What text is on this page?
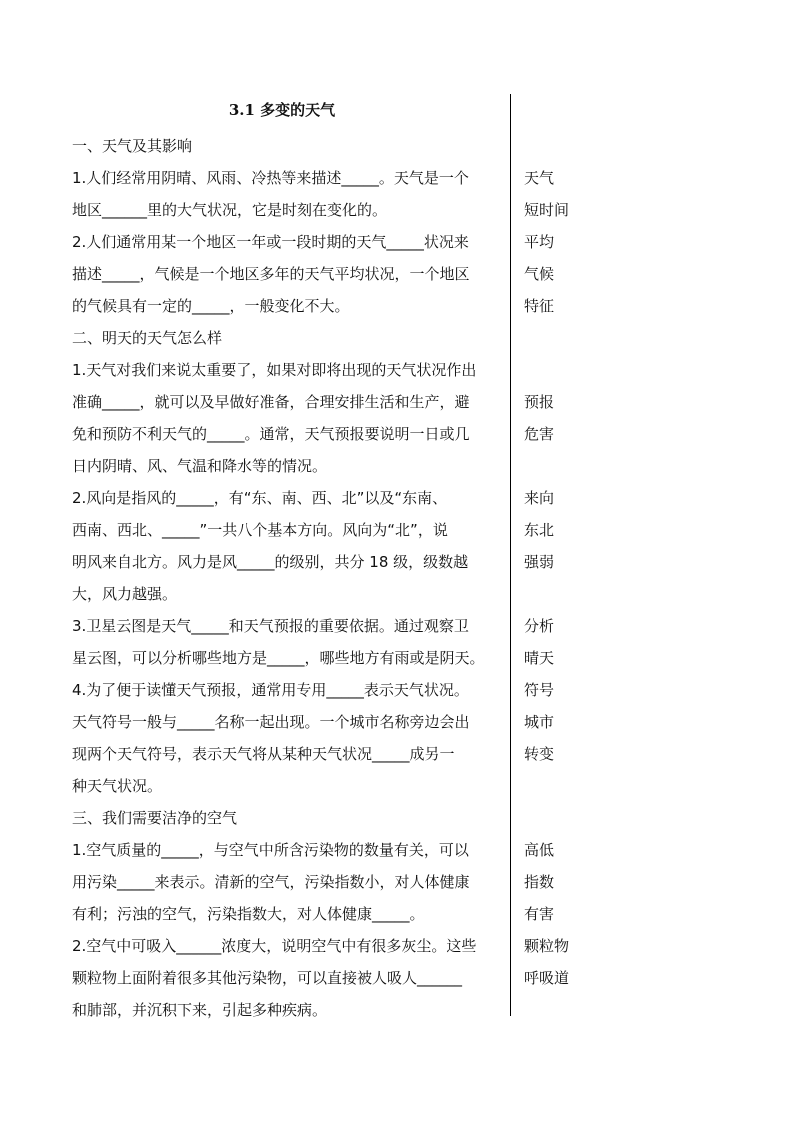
3.1 多变的天气
一、天气及其影响
1.人们经常用阴晴、风雨、冷热等来描述_____。天气是一个
地区______里的大气状况，它是时刻在变化的。
2.人们通常用某一个地区一年或一段时期的天气_____状况来
描述_____，气候是一个地区多年的天气平均状况，一个地区
的气候具有一定的_____，一般变化不大。
二、明天的天气怎么样
1.天气对我们来说太重要了，如果对即将出现的天气状况作出
准确_____，就可以及早做好准备，合理安排生活和生产，避
免和预防不利天气的_____。通常，天气预报要说明一日或几
日内阴晴、风、气温和降水等的情况。
2.风向是指风的_____，有“东、南、西、北”以及“东南、
西南、西北、_____”一共八个基本方向。风向为“北”，说
明风来自北方。风力是风_____的级别，共分 18 级，级数越
大，风力越强。
3.卫星云图是天气_____和天气预报的重要依据。通过观察卫
星云图，可以分析哪些地方是_____，哪些地方有雨或是阴天。
4.为了便于读懂天气预报，通常用专用_____表示天气状况。
天气符号一般与_____名称一起出现。一个城市名称旁边会出
现两个天气符号，表示天气将从某种天气状况_____成另一
种天气状况。
三、我们需要洁净的空气
1.空气质量的_____，与空气中所含污染物的数量有关，可以
用污染_____来表示。清新的空气，污染指数小，对人体健康
有利；污浊的空气，污染指数大，对人体健康_____。
2.空气中可吸入______浓度大，说明空气中有很多灰尘。这些
颗粒物上面附着很多其他污染物，可以直接被人吸人______
和肺部，并沉积下来，引起多种疾病。
天气
短时间
平均
气候
特征
预报
危害
来向
东北
强弱
分析
晴天
符号
城市
转变
高低
指数
有害
颗粒物
呼吸道
